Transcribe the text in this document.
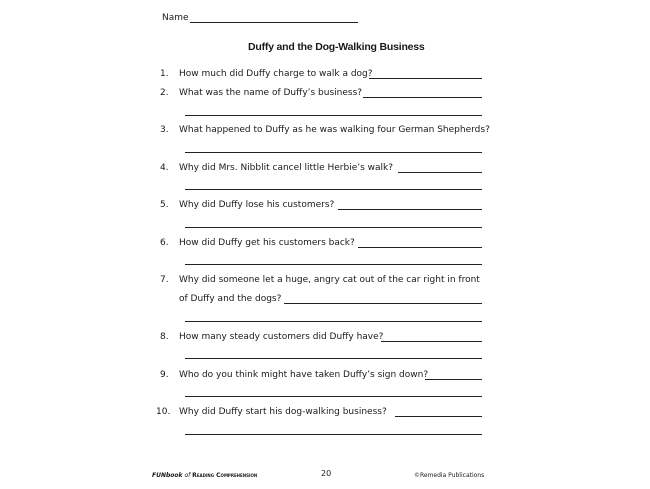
Name
Duffy and the Dog-Walking Business
1. How much did Duffy charge to walk a dog?
2. What was the name of Duffy’s business?
3. What happened to Duffy as he was walking four German Shepherds?
4. Why did Mrs. Nibblit cancel little Herbie’s walk?
5. Why did Duffy lose his customers?
6. How did Duffy get his customers back?
7. Why did someone let a huge, angry cat out of the car right in front
of Duffy and the dogs?
8. How many steady customers did Duffy have?
9. Who do you think might have taken Duffy’s sign down?
10. Why did Duffy start his dog-walking business?
FUNbook of Reading Comprehension	20	©Remedia Publications
